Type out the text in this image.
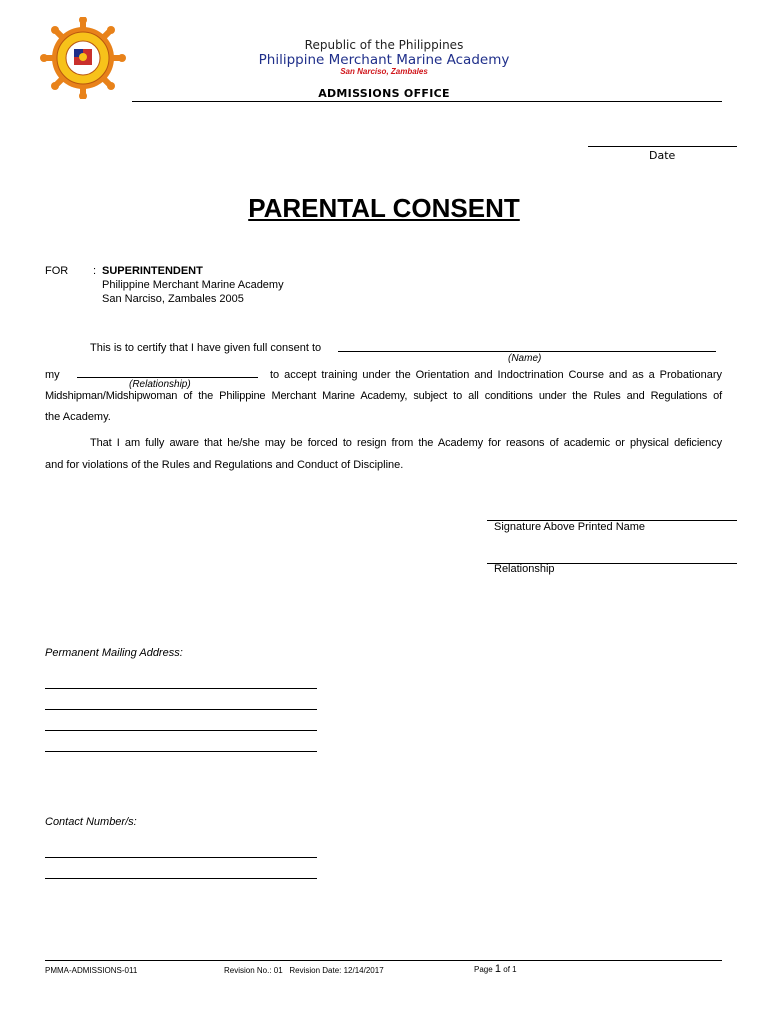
Republic of the Philippines
Philippine Merchant Marine Academy
San Narciso, Zambales
ADMISSIONS OFFICE
Date
PARENTAL CONSENT
FOR : SUPERINTENDENT
Philippine Merchant Marine Academy
San Narciso, Zambales 2005
This is to certify that I have given full consent to
(Name)
my
(Relationship)
to accept training under the Orientation and Indoctrination Course and as a Probationary
Midshipman/Midshipwoman of the Philippine Merchant Marine Academy, subject to all conditions under the Rules and Regulations of
the Academy.
That I am fully aware that he/she may be forced to resign from the Academy for reasons of academic or physical deficiency
and for violations of the Rules and Regulations and Conduct of Discipline.
Signature Above Printed Name
Relationship
Permanent Mailing Address:
Contact Number/s:
PMMA-ADMISSIONS-011	Revision No.: 01   Revision Date: 12/14/2017	Page 1 of 1
